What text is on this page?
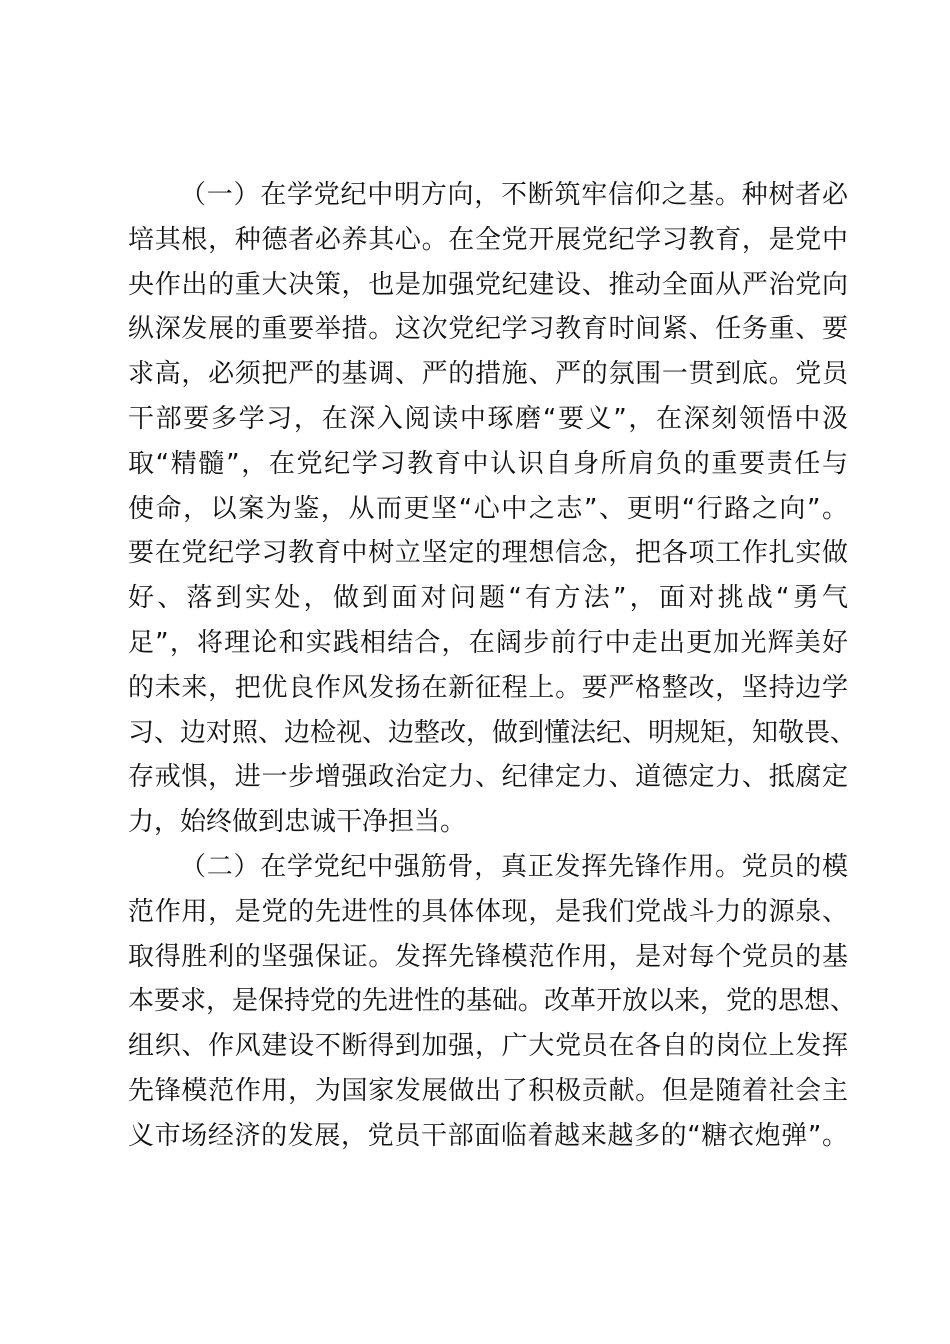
（一）在学党纪中明方向，不断筑牢信仰之基。种树者必
培其根，种德者必养其心。在全党开展党纪学习教育，是党中
央作出的重大决策，也是加强党纪建设、推动全面从严治党向
纵深发展的重要举措。这次党纪学习教育时间紧、任务重、要
求高，必须把严的基调、严的措施、严的氛围一贯到底。党员
干部要多学习，在深入阅读中琢磨“要义”，在深刻领悟中汲
取“精髓”，在党纪学习教育中认识自身所肩负的重要责任与
使命，以案为鉴，从而更坚“心中之志”、更明“行路之向”。
要在党纪学习教育中树立坚定的理想信念，把各项工作扎实做
好、落到实处，做到面对问题“有方法”，面对挑战“勇气
足”，将理论和实践相结合，在阔步前行中走出更加光辉美好
的未来，把优良作风发扬在新征程上。要严格整改，坚持边学
习、边对照、边检视、边整改，做到懂法纪、明规矩，知敬畏、
存戒惧，进一步增强政治定力、纪律定力、道德定力、抵腐定
力，始终做到忠诚干净担当。
（二）在学党纪中强筋骨，真正发挥先锋作用。党员的模
范作用，是党的先进性的具体体现，是我们党战斗力的源泉、
取得胜利的坚强保证。发挥先锋模范作用，是对每个党员的基
本要求，是保持党的先进性的基础。改革开放以来，党的思想、
组织、作风建设不断得到加强，广大党员在各自的岗位上发挥
先锋模范作用，为国家发展做出了积极贡献。但是随着社会主
义市场经济的发展，党员干部面临着越来越多的“糖衣炮弹”。
